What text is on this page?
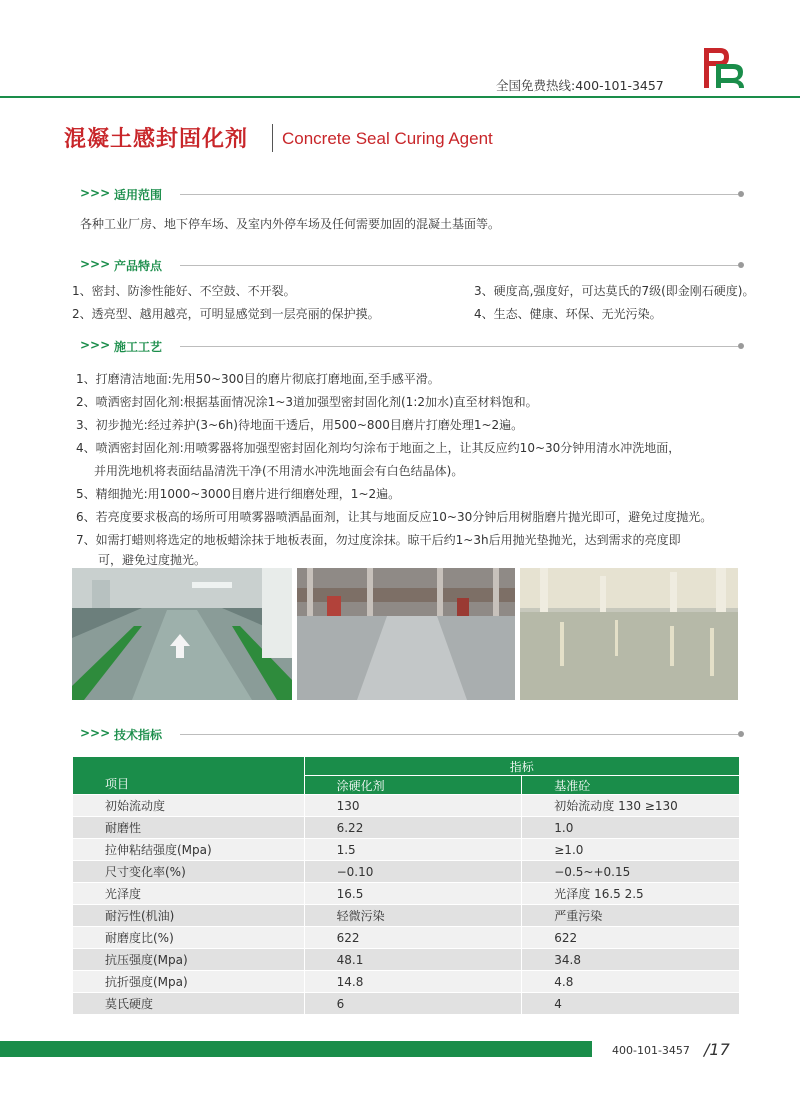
全国免费热线:400-101-3457
混凝土感封固化剂 Concrete Seal Curing Agent
>>> 适用范围
各种工业厂房、地下停车场、及室内外停车场及任何需要加固的混凝土基面等。
>>> 产品特点
1、密封、防渗性能好、不空鼓、不开裂。
2、透亮型、越用越亮，可明显感觉到一层亮丽的保护摸。
3、硬度高,强度好，可达莫氏的7级(即金刚石硬度)。
4、生态、健康、环保、无光污染。
>>> 施工工艺
1、打磨清洁地面:先用50~300目的磨片彻底打磨地面,至手感平滑。
2、喷洒密封固化剂:根据基面情况涂1~3道加强型密封固化剂(1:2加水)直至材料饱和。
3、初步抛光:经过养护(3~6h)待地面干透后，用500~800目磨片打磨处理1~2遍。
4、喷洒密封固化剂:用喷雾器将加强型密封固化剂均匀涂布于地面之上，让其反应约10~30分钟用清水冲洗地面，
并用洗地机将表面结晶清洗干净(不用清水冲洗地面会有白色结晶体)。
5、精细抛光:用1000~3000目磨片进行细磨处理，1~2遍。
6、若亮度要求极高的场所可用喷雾器喷洒晶面剂，让其与地面反应10~30分钟后用树脂磨片抛光即可，避免过度抛光。
7、如需打蜡则将选定的地板蜡涂抹于地板表面，勿过度涂抹。晾干后约1~3h后用抛光垫抛光，达到需求的亮度即
可，避免过度抛光。
>>> 技术指标
项目	指标	
	涂硬化剂	基准砼
初始流动度	130	初始流动度 130 ≥130
耐磨性	6.22	1.0
拉伸粘结强度(Mpa)	1.5	≥1.0
尺寸变化率(%)	−0.10	−0.5~+0.15
光泽度	16.5	光泽度 16.5 2.5
耐污性(机油)	轻微污染	严重污染
耐磨度比(%)	622	622
抗压强度(Mpa)	48.1	34.8
抗折强度(Mpa)	14.8	4.8
莫氏硬度	6	4
400-101-3457 /17
